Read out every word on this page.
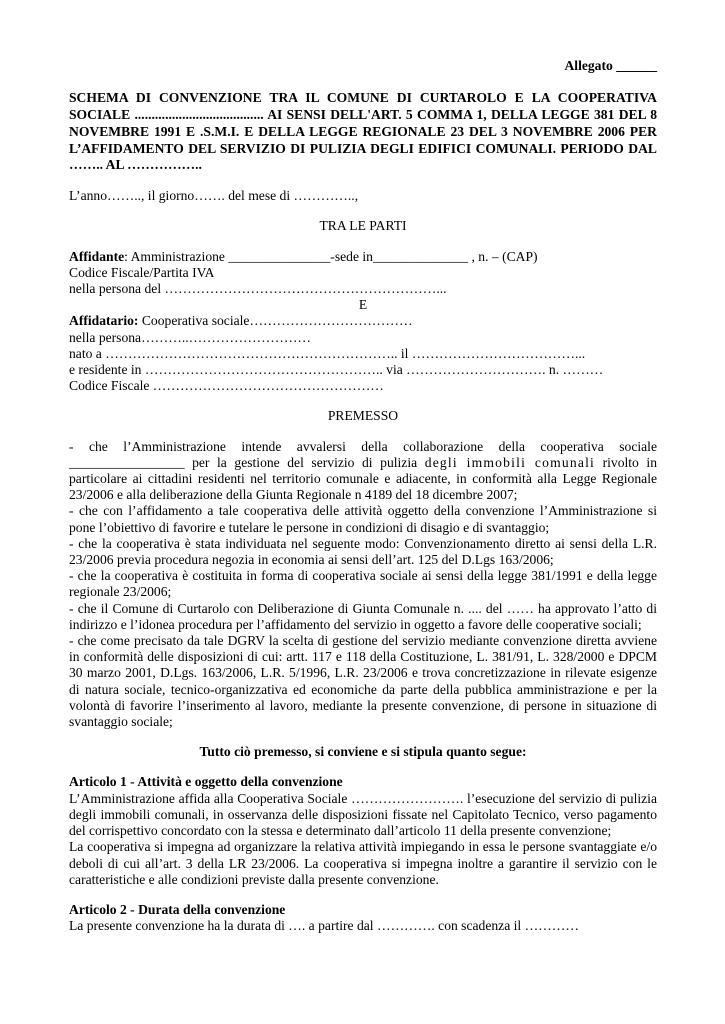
Allegato ______
SCHEMA DI CONVENZIONE TRA IL COMUNE DI CURTAROLO E LA COOPERATIVA SOCIALE ...................................... AI SENSI DELL'ART. 5 COMMA 1, DELLA LEGGE 381 DEL 8 NOVEMBRE 1991 E .S.M.I. E DELLA LEGGE REGIONALE 23 DEL 3 NOVEMBRE 2006 PER L’AFFIDAMENTO DEL SERVIZIO DI PULIZIA DEGLI EDIFICI COMUNALI. PERIODO DAL …….. AL ……………..

L’anno…….., il giorno……. del mese di …………..,

TRA LE PARTI

Affidante: Amministrazione _______________-sede in______________ , n. – (CAP)

Codice Fiscale/Partita IVA

nella persona del ……………………………………………………...

E

Affidatario: Cooperativa sociale………………………………

nella persona………..………………………

nato a ……………………………………………………….. il ………………………………...

e residente in …………………………………………….. via …………………………. n. ………

Codice Fiscale ……………………………………………

PREMESSO

- che l’Amministrazione intende avvalersi della collaborazione della cooperativa sociale _________________ per la gestione del servizio di pulizia degli immobili comunali rivolto in particolare ai cittadini residenti nel territorio comunale e adiacente, in conformità alla Legge Regionale 23/2006 e alla deliberazione della Giunta Regionale n 4189 del 18 dicembre 2007;

- che con l’affidamento a tale cooperativa delle attività oggetto della convenzione l’Amministrazione si pone l’obiettivo di favorire e tutelare le persone in condizioni di disagio e di svantaggio;

- che la cooperativa è stata individuata nel seguente modo: Convenzionamento diretto ai sensi della L.R. 23/2006 previa procedura negozia in economia ai sensi dell’art. 125 del D.Lgs 163/2006;

- che la cooperativa è costituita in forma di cooperativa sociale ai sensi della legge 381/1991 e della legge regionale 23/2006;

- che il Comune di Curtarolo con Deliberazione di Giunta Comunale n. .... del …… ha approvato l’atto di indirizzo e l’idonea procedura per l’affidamento del servizio in oggetto a favore delle cooperative sociali;

- che come precisato da tale DGRV la scelta di gestione del servizio mediante convenzione diretta avviene in conformità delle disposizioni di cui: artt. 117 e 118 della Costituzione, L. 381/91, L. 328/2000 e DPCM 30 marzo 2001, D.Lgs. 163/2006, L.R. 5/1996, L.R. 23/2006 e trova concretizzazione in rilevate esigenze di natura sociale, tecnico-organizzativa ed economiche da parte della pubblica amministrazione e per la volontà di favorire l’inserimento al lavoro, mediante la presente convenzione, di persone in situazione di svantaggio sociale;

Tutto ciò premesso, si conviene e si stipula quanto segue:

Articolo 1 - Attività e oggetto della convenzione

L’Amministrazione affida alla Cooperativa Sociale ……………………. l’esecuzione del servizio di pulizia degli immobili comunali, in osservanza delle disposizioni fissate nel Capitolato Tecnico, verso pagamento del corrispettivo concordato con la stessa e determinato dall’articolo 11 della presente convenzione;

La cooperativa si impegna ad organizzare la relativa attività impiegando in essa le persone svantaggiate e/o deboli di cui all’art. 3 della LR 23/2006. La cooperativa si impegna inoltre a garantire il servizio con le caratteristiche e alle condizioni previste dalla presente convenzione.

Articolo 2 - Durata della convenzione

La presente convenzione ha la durata di …. a partire dal …………. con scadenza il …………
